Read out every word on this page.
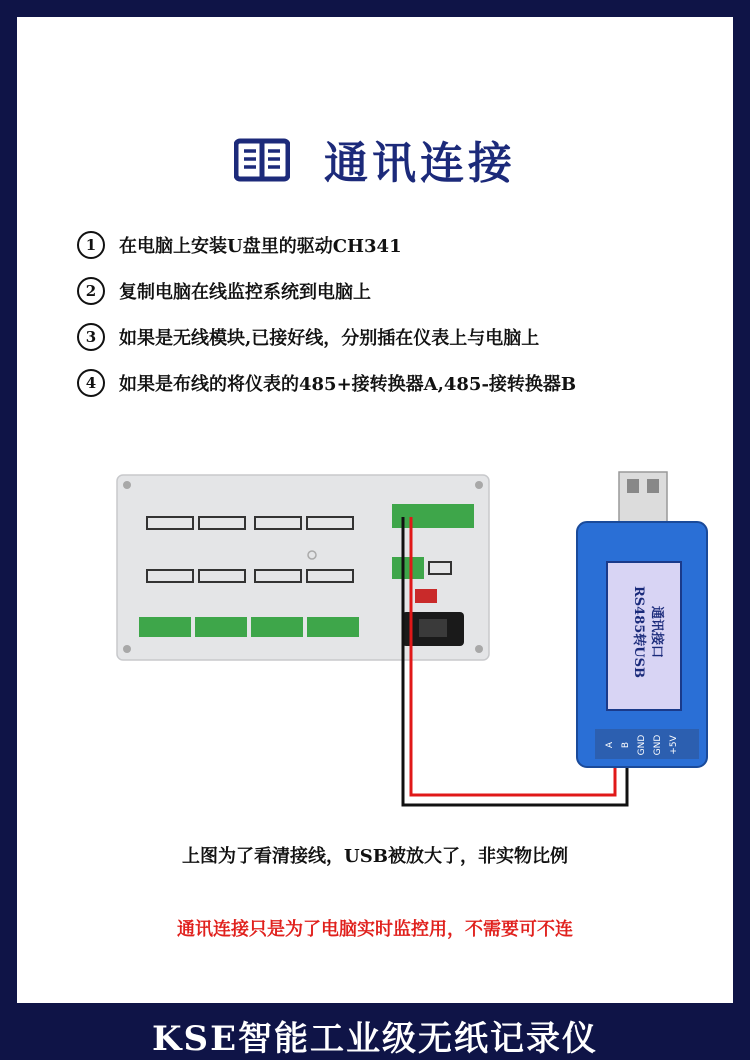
通讯连接
1	在电脑上安装U盘里的驱动CH341
2	复制电脑在线监控系统到电脑上
3	如果是无线模块,已接好线，分别插在仪表上与电脑上
4	如果是布线的将仪表的485+接转换器A,485-接转换器B
RS485转USB 通讯接口
A B GND GND +5V
上图为了看清接线，USB被放大了，非实物比例
通讯连接只是为了电脑实时监控用，不需要可不连
KSE智能工业级无纸记录仪
